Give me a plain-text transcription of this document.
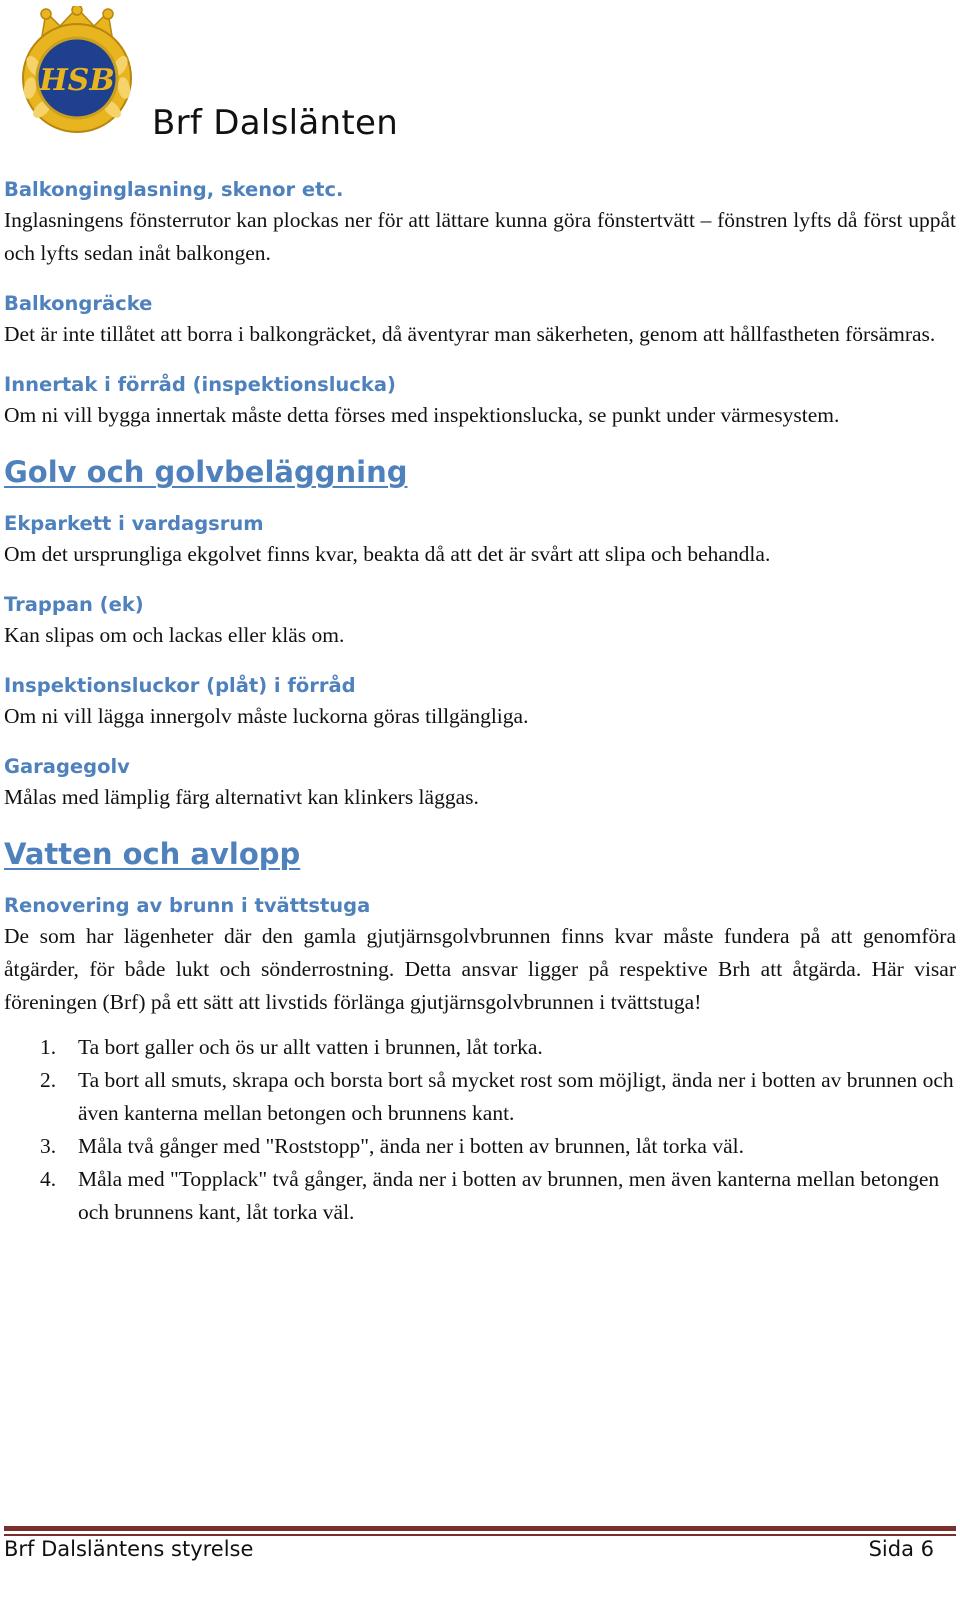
HSB
Brf Dalslänten
Balkonginglasning, skenor etc.

Inglasningens fönsterrutor kan plockas ner för att lättare kunna göra fönstertvätt – fönstren lyfts då först uppåt och lyfts sedan inåt balkongen.

Balkongräcke

Det är inte tillåtet att borra i balkongräcket, då äventyrar man säkerheten, genom att hållfastheten försämras.

Innertak i förråd (inspektionslucka)

Om ni vill bygga innertak måste detta förses med inspektionslucka, se punkt under värmesystem.

Golv och golvbeläggning
Ekparkett i vardagsrum

Om det ursprungliga ekgolvet finns kvar, beakta då att det är svårt att slipa och behandla.

Trappan (ek)

Kan slipas om och lackas eller kläs om.

Inspektionsluckor (plåt) i förråd

Om ni vill lägga innergolv måste luckorna göras tillgängliga.

Garagegolv

Målas med lämplig färg alternativt kan klinkers läggas.

Vatten och avlopp
Renovering av brunn i tvättstuga

De som har lägenheter där den gamla gjutjärnsgolvbrunnen finns kvar måste fundera på att genomföra åtgärder, för både lukt och sönderrostning. Detta ansvar ligger på respektive Brh att åtgärda. Här visar föreningen (Brf) på ett sätt att livstids förlänga gjutjärnsgolvbrunnen i tvättstuga!

1. Ta bort galler och ös ur allt vatten i brunnen, låt torka.
2. Ta bort all smuts, skrapa och borsta bort så mycket rost som möjligt, ända ner i botten av brunnen och även kanterna mellan betongen och brunnens kant.
3. Måla två gånger med "Roststopp", ända ner i botten av brunnen, låt torka väl.
4. Måla med "Topplack" två gånger, ända ner i botten av brunnen, men även kanterna mellan betongen och brunnens kant, låt torka väl.
Brf Dalsläntens styrelse	Sida 6
